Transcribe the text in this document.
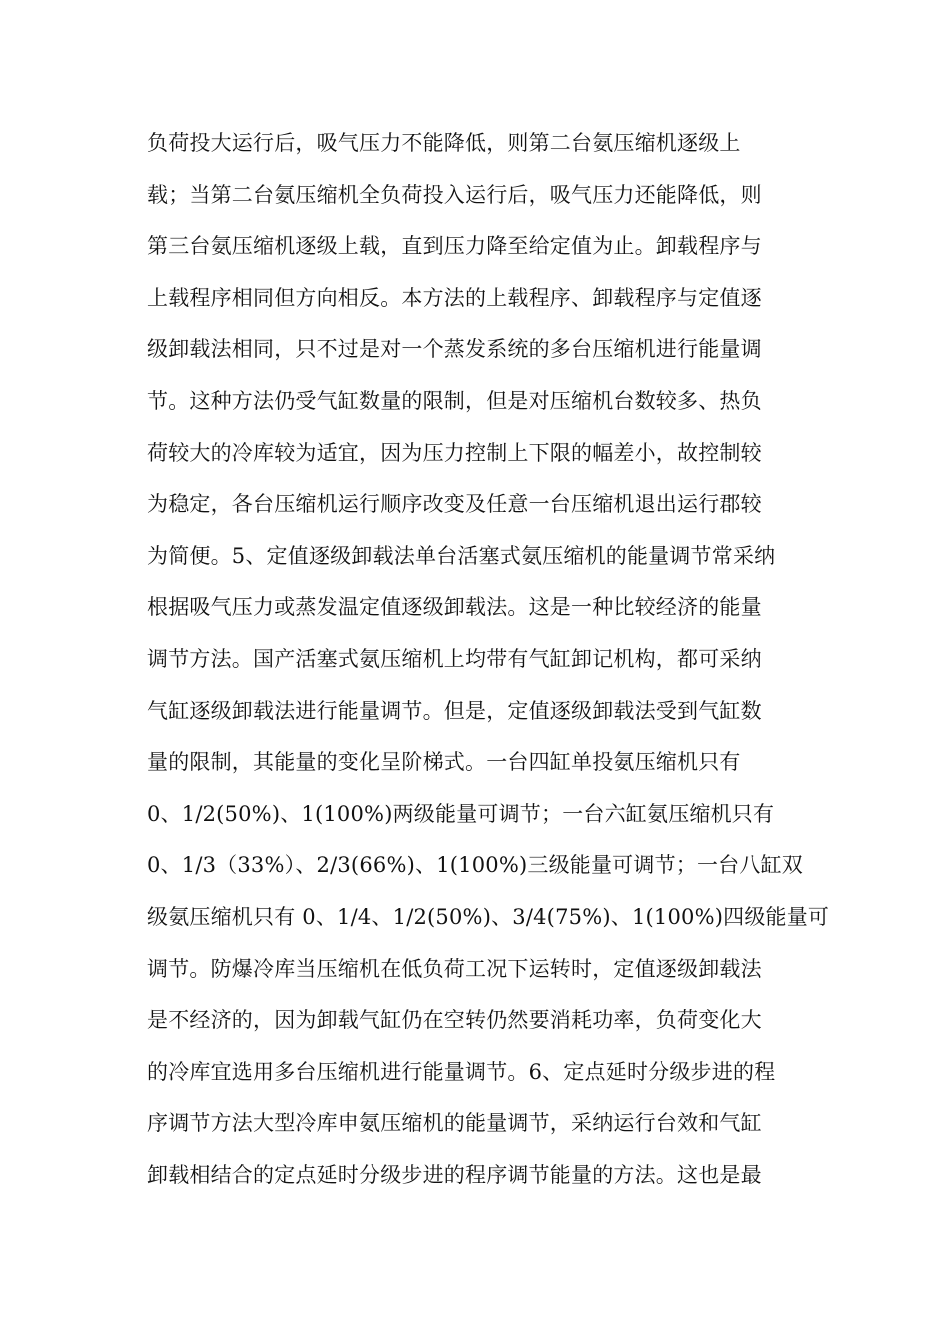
负荷投大运行后，吸气压力不能降低，则第二台氨压缩机逐级上
载；当第二台氨压缩机全负荷投入运行后，吸气压力还能降低，则
第三台氨压缩机逐级上载，直到压力降至给定值为止。卸载程序与
上载程序相同但方向相反。本方法的上载程序、卸载程序与定值逐
级卸载法相同，只不过是对一个蒸发系统的多台压缩机进行能量调
节。这种方法仍受气缸数量的限制，但是对压缩机台数较多、热负
荷较大的冷库较为适宜，因为压力控制上下限的幅差小，故控制较
为稳定，各台压缩机运行顺序改变及任意一台压缩机退出运行郡较
为简便。5、定值逐级卸载法单台活塞式氨压缩机的能量调节常采纳
根据吸气压力或蒸发温定值逐级卸载法。这是一种比较经济的能量
调节方法。国产活塞式氨压缩机上均带有气缸卸记机构，都可采纳
气缸逐级卸载法进行能量调节。但是，定值逐级卸载法受到气缸数
量的限制，其能量的变化呈阶梯式。一台四缸单投氨压缩机只有
0、1/2(50%)、1(100%)两级能量可调节；一台六缸氨压缩机只有
0、1/3（33%）、2/3(66%)、1(100%)三级能量可调节；一台八缸双
级氨压缩机只有 0、1/4、1/2(50%)、3/4(75%)、1(100%)四级能量可
调节。防爆冷库当压缩机在低负荷工况下运转时，定值逐级卸载法
是不经济的，因为卸载气缸仍在空转仍然要消耗功率，负荷变化大
的冷库宜选用多台压缩机进行能量调节。6、定点延时分级步进的程
序调节方法大型冷库申氨压缩机的能量调节，采纳运行台效和气缸
卸载相结合的定点延时分级步进的程序调节能量的方法。这也是最
